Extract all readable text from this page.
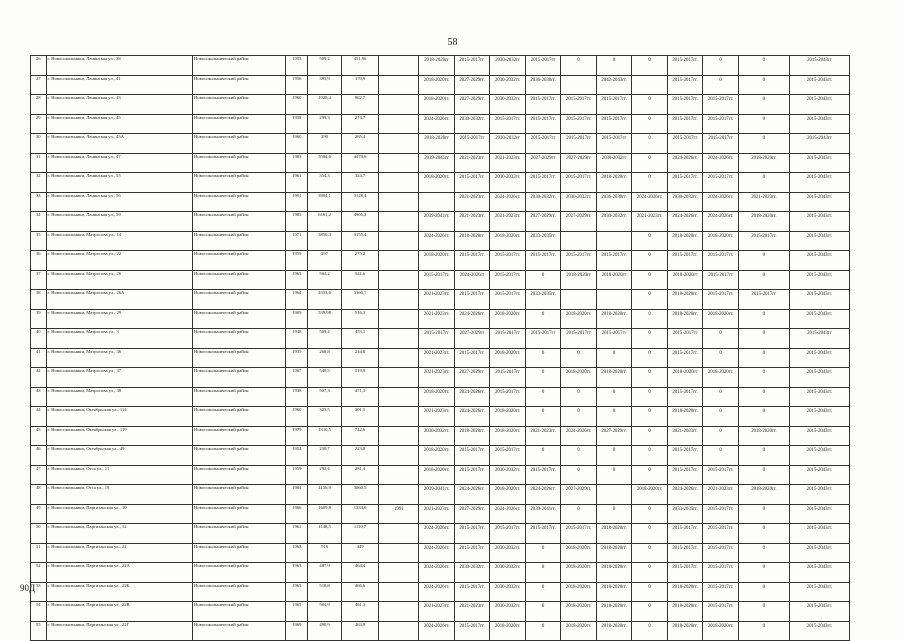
58
26	г. Новосокольники, Ленинская ул., 38	Новосокольнический район	1953	509,2	451,96		2018-2020гг	2015-2017гг.	2030-2032гг	2015-2017гг	0	0	0	2015-2017гг.	0	0	2015-2043гг
27	г. Новосокольники, Ленинская ул., 41	Новосокольнический район	1956	395,9	370,9		2018-2020гг.	2027-2029гг.	2030-2032гг.	2036-2038гг.		2042-2043гг.		2015-2017гг.	0	0	2015-2043гг.
28	г. Новосокольники, Ленинская ул., 43	Новосокольнический район	1960	1028,4	962,7		2018-2020гг.	2027-2029гг.	2030-2032гг.	2015-2017гг.	2015-2017гг.	2015-2017гг.	0	2015-2017гг.	2015-2017гг.	0	2015-2043гг.
29	г. Новосокольники, Ленинская ул., 45	Новосокольнический район	1958	299,3	274,7		2024-2026гг.	2030-2032гг.	2015-2017гг.	2015-2017гг.	2015-2017гг.	2015-2017гг.	0	2015-2017гг.	2015-2017гг.	0	2015-2043гг.
30	г. Новосокольники, Ленинская ул., 45А	Новосокольнический район	1960	290	265,4		2018-2020гг	2015-2017гг	2030-2032гг	2015-2017гг	2015-2017гг	2015-2017гг	0	2015-2017гг	2015-2017гг	0	2015-2043гг
31	г. Новосокольники, Ленинская ул., 47	Новосокольнический район	1983	5584,6	4470,6		2039-2041гг	2021-2023гг.	2021-2023гг.	2027-2029гг	2027-2029гг	2030-2032гг	0	2024-2026гг.	2024-2026гг.	2018-2020гг.	2015-2043гг.
32	г. Новосокольники, Ленинская ул., 55	Новосокольнический район	1961	354,3	324,7		2018-2020гг.	2015-2017гг.	2030-2032гг.	2015-2017гг.	2015-2017гг.	2018-2020гг.	0	2015-2017гг.	2015-2017гг.	0	2015-2043гг.
33	г. Новосокольники, Ленинская ул., 56	Новосокольнический район	1991	3904,1	3128,4			2021-2023гг.	2024-2026гг.	2030-2032гг.	2030-2032гг.	2036-2038гг.	2024-2026гг.	2030-2032гг.	2024-2026гг.	2021-2023гг.	2015-2043гг.
34	г. Новосокольники, Ленинская ул., 59	Новосокольнический район	1985	6161,2	4905,2		2039-2041гг.	2021-2023гг.	2021-2023гг.	2027-2029гг.	2027-2029гг.	2030-2032гг.	2021-2023гг.	2024-2026гг.	2024-2026гг.	2018-2020гг.	2015-2043гг.
35	г. Новосокольники, Матросова ул., 14	Новосокольнический район	1971	3850,3	3155,4		2024-2026гг.	2018-2020гг.	2018-2020гг.	2033-2035гг.			0	2018-2020гг.	2018-2020гг.	2015-2017гг.	2015-2043гг.
36	г. Новосокольники, Матросова ул., 22	Новосокольнический район	1959	297	275,2		2018-2020гг.	2015-2017гг.	2015-2017гг.	2015-2017гг.	2015-2017гг.	2015-2017гг.	0	2015-2017гг.	2015-2017гг.	0	2015-2043гг.
37	г. Новосокольники, Матросова ул., 26	Новосокольнический район	1963	564,2	541,6		2015-2017гг.	2024-2026гг	2015-2017гг.	0	2018-2020гг	2018-2020гг	0	2018-2020гг	2015-2017гг	0	2015-2043гг.
38	г. Новосокольники, Матросова ул., 26А	Новосокольнический район	1964	4333,6	3360,7		2021-2023гг.	2015-2017гг.	2015-2017гг.	2033-2035гг.			0	2018-2020гг.	2015-2017гг.	2015-2017гг	2015-2043гг.
39	г. Новосокольники, Матросова ул., 29	Новосокольнический район	1909	539,98	516,3		2021-2023гг.	2024-2026гг.	2018-2020гг.	0	2018-2020гг.	2018-2020гг.	0	2018-2020гг.	2018-2020гг.	0	2015-2043гг.
40	г. Новосокольники, Матросова ул., 3	Новосокольнический район	1948	509,4	453,1		2015-2017гг	2027-2029гг	2015-2017гг	2015-2017гг	2015-2017гг	2015-2017гг	0	2015-2017гг	0	0	2015-2043гг
41	г. Новосокольники, Матросова ул., 36	Новосокольнический район	1935	268,8	244,8		2021-2023гг.	2015-2017гг.	2018-2020гг.	0	0	0	0	2015-2017гг.	0	0	2015-2043гг.
42	г. Новосокольники, Матросова ул., 37	Новосокольнический район	1967	540,5	519,9		2021-2023гг.	2027-2029гг.	2015-2017гг	0	2018-2020гг.	2018-2020гг.	0	2018-2020гг	2018-2020гг.	0	2015-2043гг.
43	г. Новосокольники, Матросова ул., 38	Новосокольнический район	1938	507,3	471,3		2018-2020гг.	2024-2026гг.	2015-2017гг.	0	0	0	0	2015-2017гг.	0	0	2015-2043гг.
44	г. Новосокольники, Октябрьская ул., 114	Новосокольнический район	1960	325,5	301,5		2021-2023гг.	2024-2026гг.	2018-2020гг.	0	0	0	0	2018-2020гг.	0	0	2015-2043гг.
45	г. Новосокольники, Октябрьская ул., 119	Новосокольнический район	1979	1310,5	742,6		2030-2032гг.	2018-2020гг.	2018-2020гг.	2021-2023гг.	2024-2026гг.	2027-2029гг.	0	2021-2023гг.	0	2018-2020гг.	2015-2043гг.
46	г. Новосокольники, Октябрьская ул., 49	Новосокольнический район	1954	230,7	223,8		2018-2020гг.	2015-2017гг.	2015-2017гг.	0	0	0	0	2015-2017гг.	0	0	2015-2043гг.
47	г. Новосокольники, Отса ул., 11	Новосокольнический район	1959	292,4	281,4		2018-2020гг.	2015-2017гг.	2030-2032гг.	2015-2017гг.	0	0	0	2015-2017гг.	2015-2017гг.	0	2015-2043гг.
48	г. Новосокольники, Отса ул., 19	Новосокольнический район	1984	4158,9	3060,5		2039-2041гг.	2024-2026гг.	2018-2020гг.	2024-2026гг.	2027-2029гг.		2018-2020гг.	2024-2026гг.	2021-2023гг.	2018-2020гг.	2015-2043гг.
49	г. Новосокольники, Партизанская ул., 10	Новосокольнический район	1966	1609,8	1334,6	1991	2021-2023гг.	2027-2029гг.	2024-2026гг.	2039-2041гг.	0	0	0	2033-2035гг.	2015-2017гг.	0	2015-2043гг.
50	г. Новосокольники, Партизанская ул., 12	Новосокольнический район	1961	1148,5	1110,7		2024-2026гг.	2015-2017гг.	2015-2017гг.	2015-2017гг.	2015-2017гг.	2018-2020гг.	0	2015-2017гг.	2015-2017гг.	0	2015-2043гг.
51	г. Новосокольники, Партизанская ул., 22	Новосокольнический район	1963	516	449		2024-2026гг.	2015-2017гг.	2030-2032гг.	0	2018-2020гг.	2018-2020гг.	0	2015-2017гг.	2015-2017гг.	0	2015-2043гг.
52	г. Новосокольники, Партизанская ул., 22А	Новосокольнический район	1963	487,9	464,4		2024-2026гг.	2030-2032гг.	2030-2032гг.	0	2018-2020гг.	2018-2020гг.	0	2015-2017гг.	2015-2017гг.	0	2015-2043гг.
53	г. Новосокольники, Партизанская ул., 22Б	Новосокольнический район	1963	518,8	466,6		2024-2026гг.	2015-2017гг.	2030-2032гг.	0	2018-2020гг.	2018-2020гг.	0	2018-2020гг.	2015-2017гг.	0	2015-2043гг.
54	г. Новосокольники, Партизанская ул., 22В	Новосокольнический район	1965	504,9	461,3		2021-2023гг.	2021-2023гг.	2030-2032гг.	0	2018-2020гг.	2018-2020гг.	0	2018-2020гг.	2015-2017гг.	0	2015-2043гг.
55	г. Новосокольники, Партизанская ул., 22Г	Новосокольнический район	1969	490,9	463,9		2024-2026гг.	2015-2017гг.	2018-2020гг.	0	2018-2020гг.	2018-2020гг.	0	2018-2020гг.	2018-2020гг.	0	2015-2043гг.
90Д
